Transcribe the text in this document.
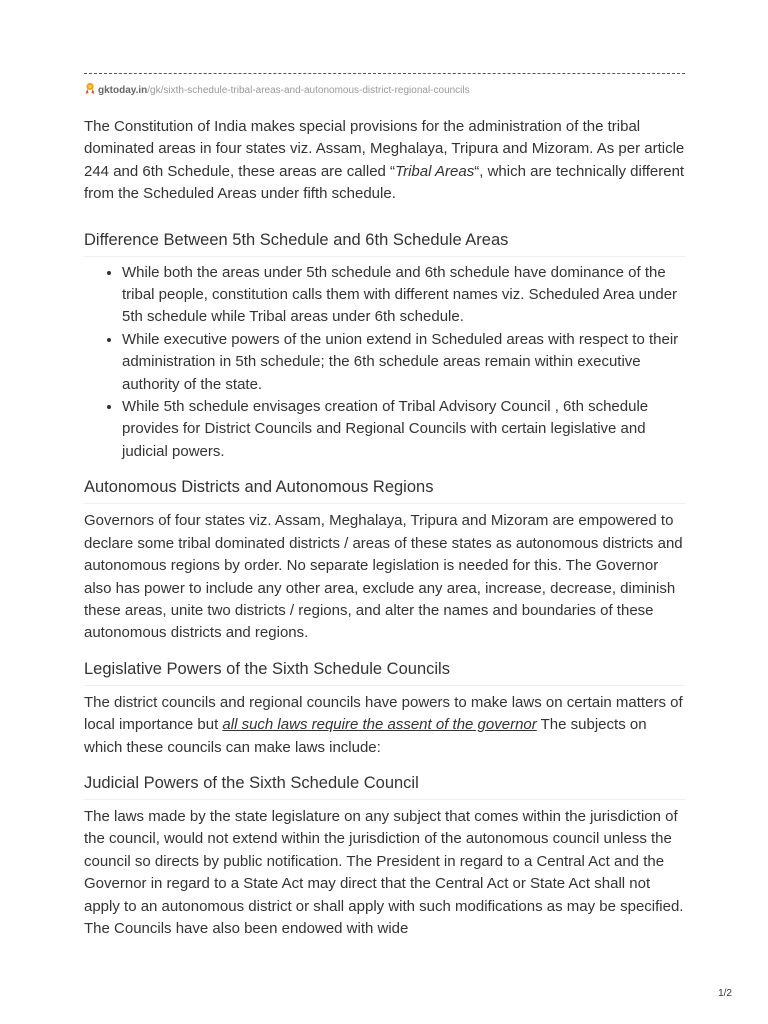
gktoday.in/gk/sixth-schedule-tribal-areas-and-autonomous-district-regional-councils

The Constitution of India makes special provisions for the administration of the tribal dominated areas in four states viz. Assam, Meghalaya, Tripura and Mizoram. As per article 244 and 6th Schedule, these areas are called “Tribal Areas“, which are technically different from the Scheduled Areas under fifth schedule.

Difference Between 5th Schedule and 6th Schedule Areas
• While both the areas under 5th schedule and 6th schedule have dominance of the tribal people, constitution calls them with different names viz. Scheduled Area under 5th schedule while Tribal areas under 6th schedule.
• While executive powers of the union extend in Scheduled areas with respect to their administration in 5th schedule; the 6th schedule areas remain within executive authority of the state.
• While 5th schedule envisages creation of Tribal Advisory Council , 6th schedule provides for District Councils and Regional Councils with certain legislative and judicial powers.
Autonomous Districts and Autonomous Regions

Governors of four states viz. Assam, Meghalaya, Tripura and Mizoram are empowered to declare some tribal dominated districts / areas of these states as autonomous districts and autonomous regions by order. No separate legislation is needed for this. The Governor also has power to include any other area, exclude any area, increase, decrease, diminish these areas, unite two districts / regions, and alter the names and boundaries of these autonomous districts and regions.

Legislative Powers of the Sixth Schedule Councils

The district councils and regional councils have powers to make laws on certain matters of local importance but all such laws require the assent of the governor The subjects on which these councils can make laws include:

Judicial Powers of the Sixth Schedule Council

The laws made by the state legislature on any subject that comes within the jurisdiction of the council, would not extend within the jurisdiction of the autonomous council unless the council so directs by public notification. The President in regard to a Central Act and the Governor in regard to a State Act may direct that the Central Act or State Act shall not apply to an autonomous district or shall apply with such modifications as may be specified. The Councils have also been endowed with wide

1/2
